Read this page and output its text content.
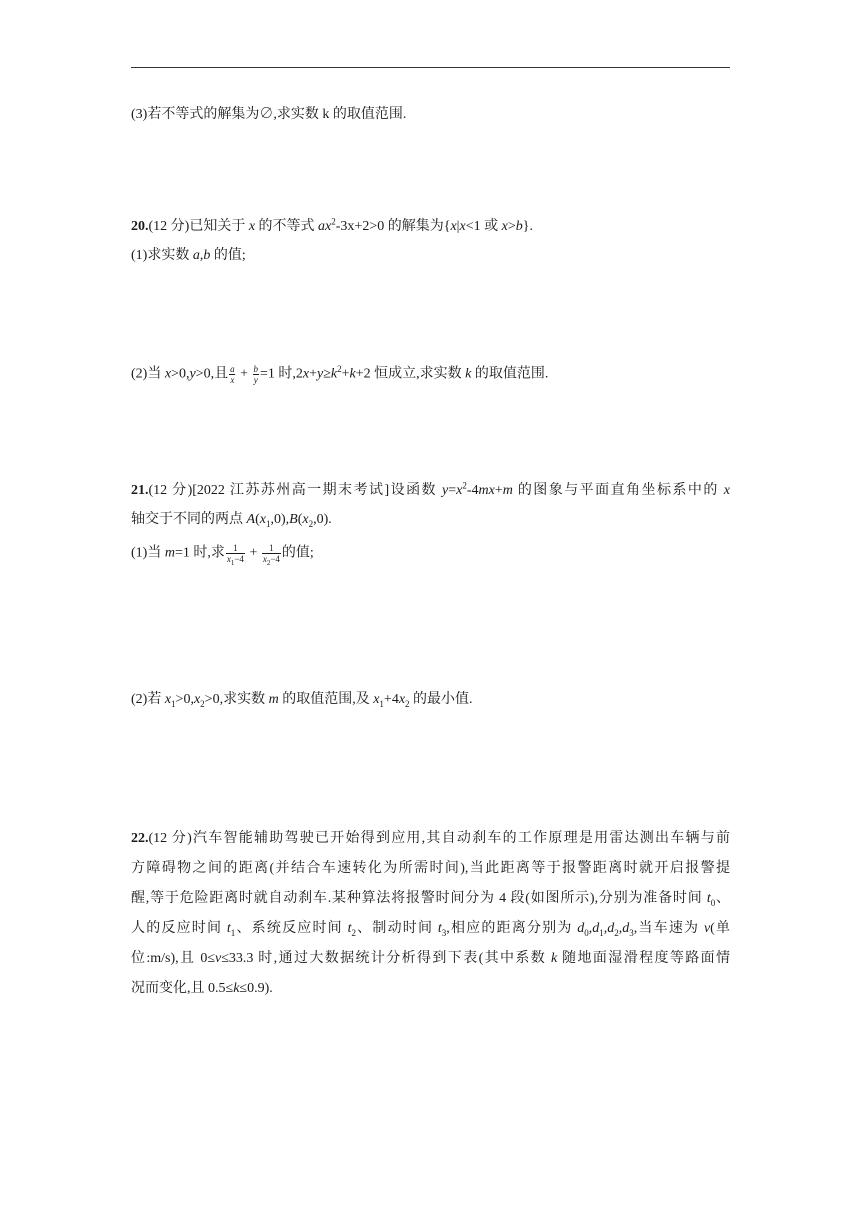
(3)若不等式的解集为∅,求实数 k 的取值范围.
20.(12 分)已知关于 x 的不等式 $ax^2-3x+2>0$ 的解集为{x|x<1 或 x>b}.
(1)求实数 a,b 的值;
(2)当 x>0,y>0,且 $\frac{a}{x} + \frac{b}{y} =1$ 时$,2x+y\ge k^2+k+2$ 恒成立,求实数 k 的取值范围.
21.(12 分)[2022 江苏苏州高一期末考试]设函数 $y=x^2-4mx+m$ 的图象与平面直角坐标系中的 x
轴交于不同的两点 $A(x_1,0),B(x_2,0)$.
(1)当 m=1 时,求 $\frac{1}{x_1-4} + \frac{1}{x_2-4}$ 的值;
(2)若 $x_1>0,x_2>0$,求实数 m 的取值范围,及 $x_1+4x_2$ 的最小值.
22.(12 分)汽车智能辅助驾驶已开始得到应用,其自动刹车的工作原理是用雷达测出车辆与前
方障碍物之间的距离(并结合车速转化为所需时间),当此距离等于报警距离时就开启报警提
醒,等于危险距离时就自动刹车.某种算法将报警时间分为 4 段(如图所示),分别为准备时间 $t_0$、
人的反应时间 $t_1$、系统反应时间 $t_2$、制动时间 $t_3$,相应的距离分别为 $d_0,d_1,d_2,d_3$,当车速为 v(单
位:m/s),且 0≤v≤33.3 时,通过大数据统计分析得到下表(其中系数 k 随地面湿滑程度等路面情
况而变化,且 0.5≤k≤0.9).
